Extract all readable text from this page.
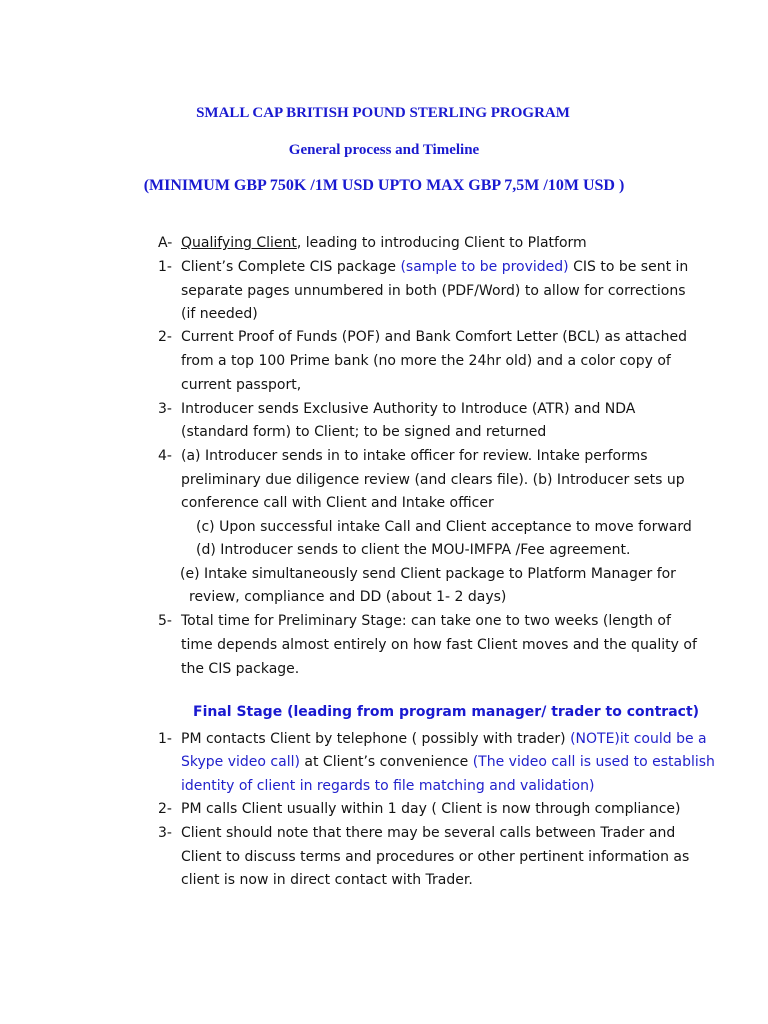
SMALL CAP BRITISH POUND STERLING PROGRAM
General process and Timeline
(MINIMUM GBP 750K /1M USD UPTO MAX GBP 7,5M /10M USD )
A- Qualifying Client, leading to introducing Client to Platform
1- Client’s Complete CIS package (sample to be provided) CIS to be sent in
separate pages unnumbered in both (PDF/Word) to allow for corrections
(if needed)
2- Current Proof of Funds (POF) and Bank Comfort Letter (BCL) as attached
from a top 100 Prime bank (no more the 24hr old) and a color copy of
current passport,
3- Introducer sends Exclusive Authority to Introduce (ATR) and NDA
(standard form) to Client; to be signed and returned
4- (a) Introducer sends in to intake officer for review. Intake performs
preliminary due diligence review (and clears file). (b) Introducer sets up
conference call with Client and Intake officer
(c) Upon successful intake Call and Client acceptance to move forward
(d) Introducer sends to client the MOU-IMFPA /Fee agreement.
(e) Intake simultaneously send Client package to Platform Manager for
review, compliance and DD (about 1- 2 days)
5- Total time for Preliminary Stage: can take one to two weeks (length of
time depends almost entirely on how fast Client moves and the quality of
the CIS package.
Final Stage (leading from program manager/ trader to contract)
1- PM contacts Client by telephone ( possibly with trader) (NOTE)it could be a
Skype video call) at Client’s convenience (The video call is used to establish
identity of client in regards to file matching and validation)
2- PM calls Client usually within 1 day ( Client is now through compliance)
3- Client should note that there may be several calls between Trader and
Client to discuss terms and procedures or other pertinent information as
client is now in direct contact with Trader.
